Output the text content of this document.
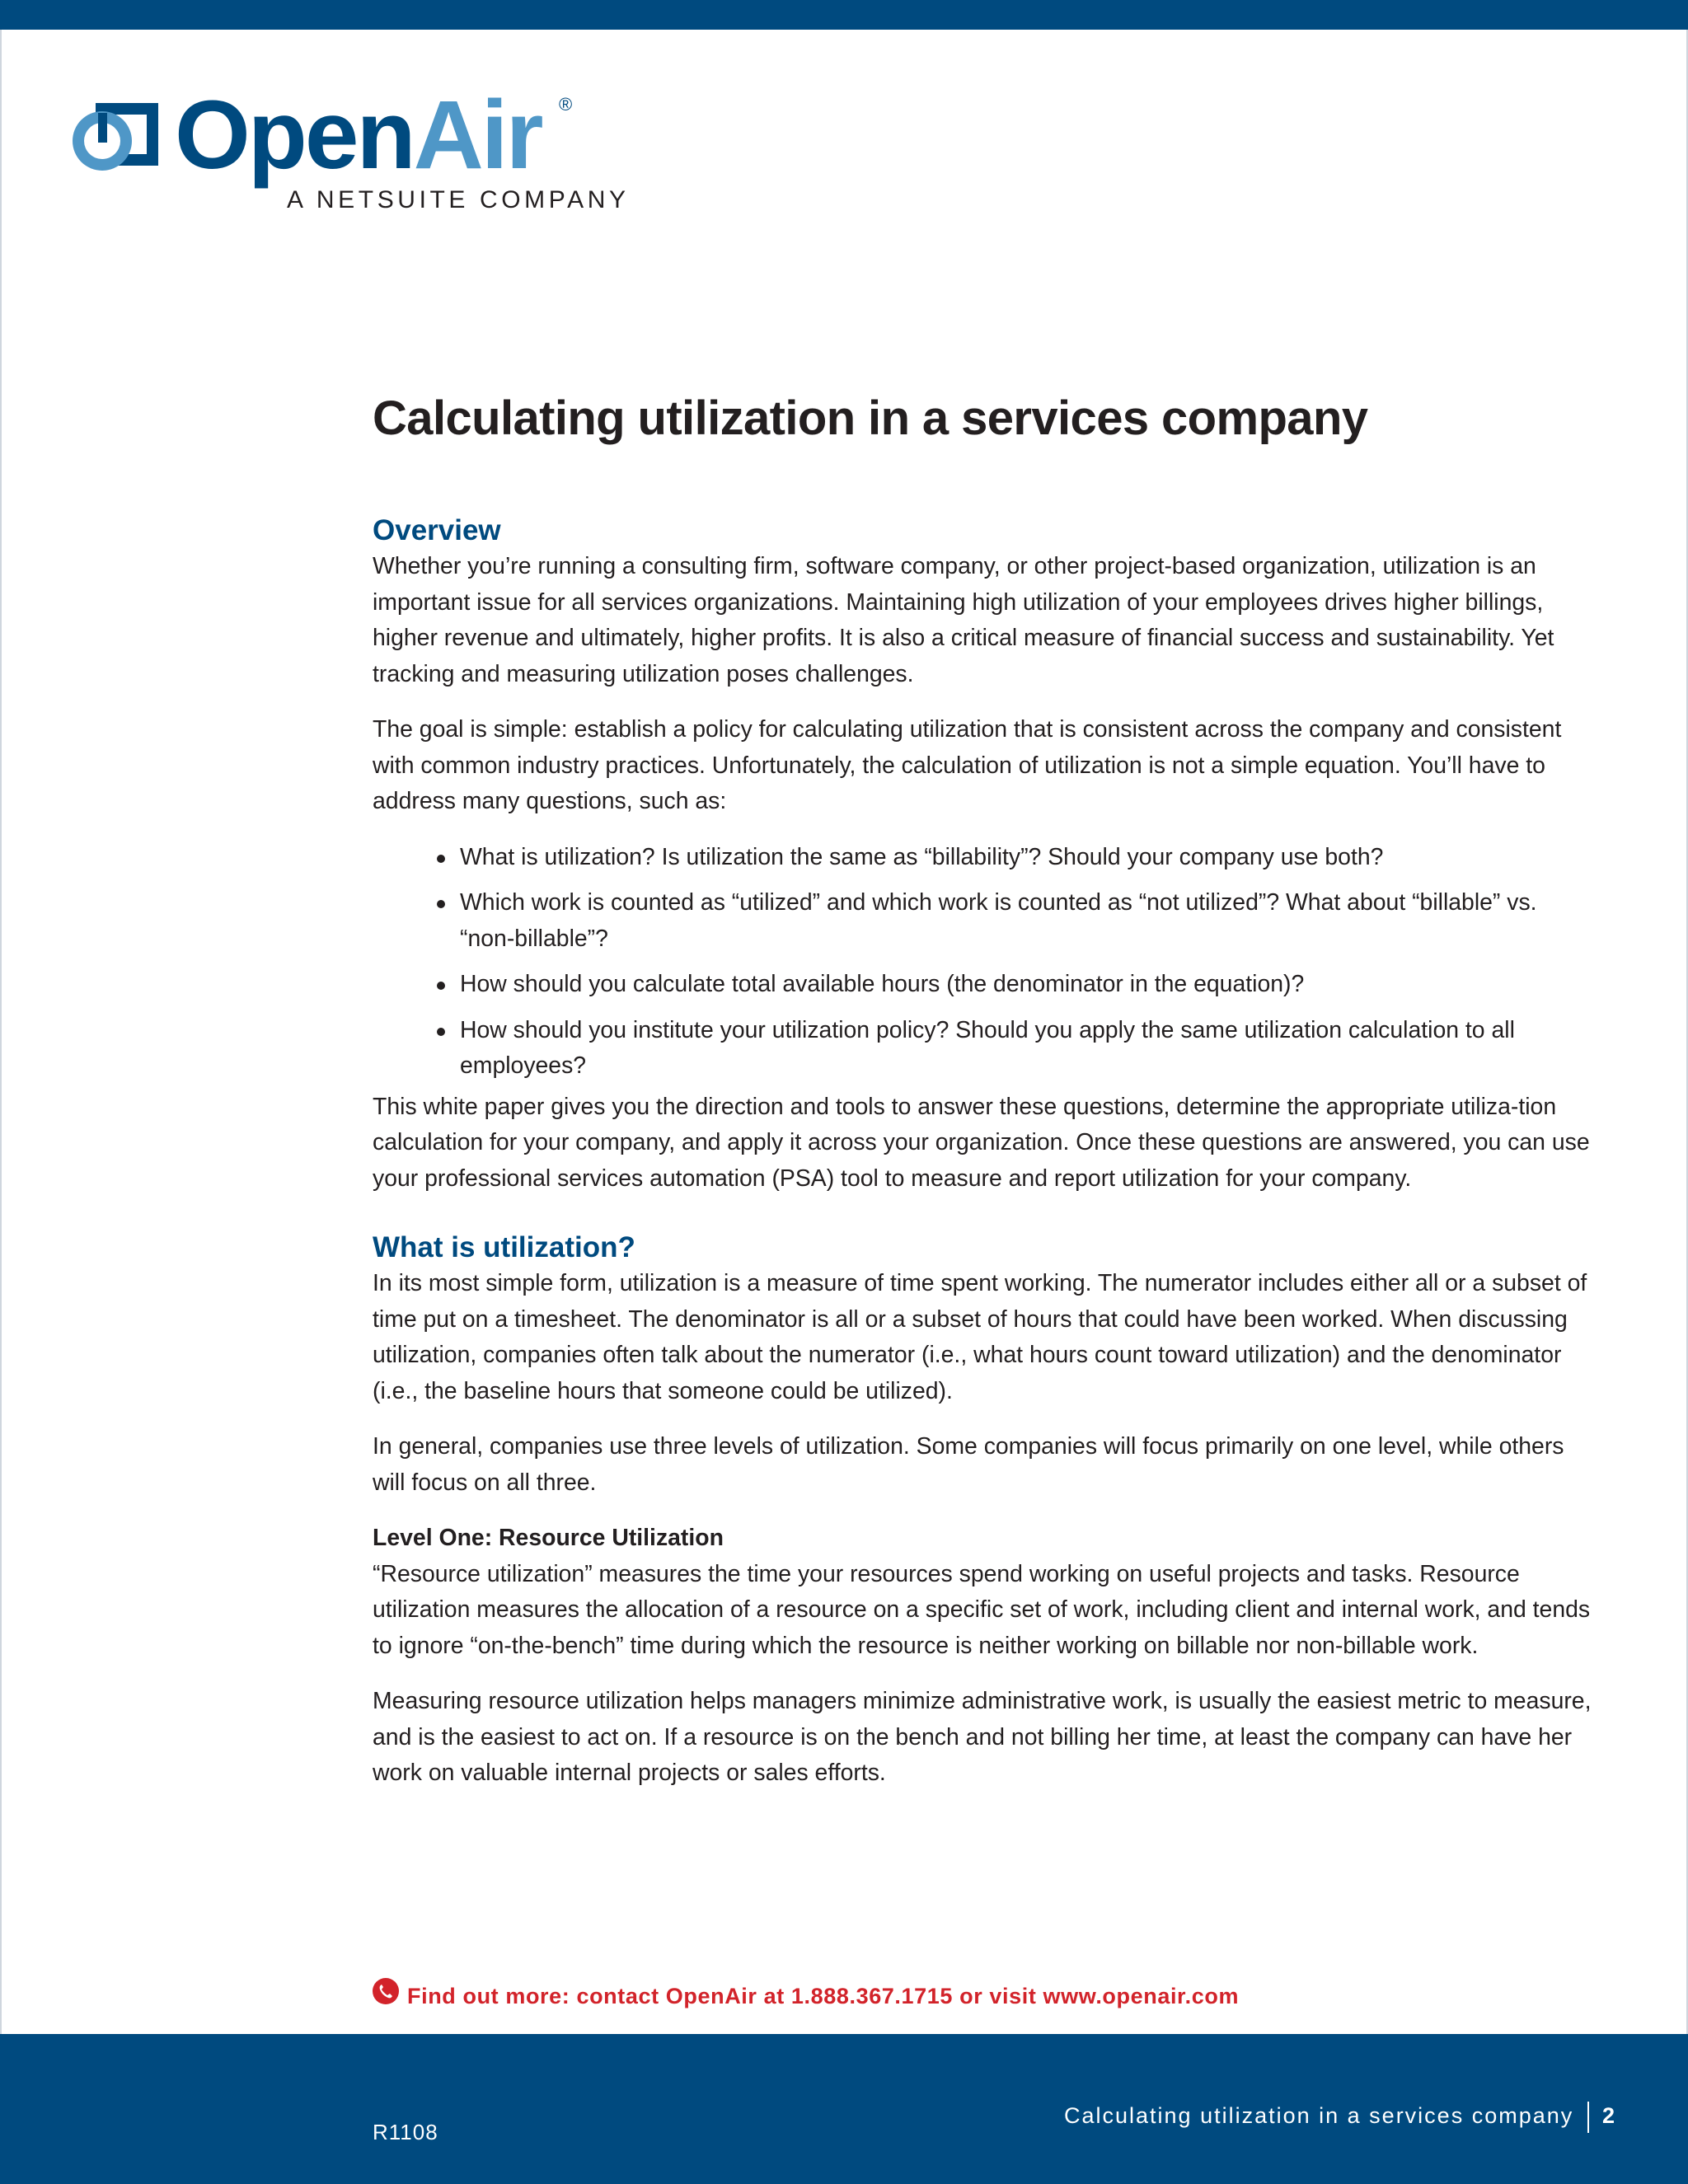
OpenAir ®
A NETSUITE COMPANY
Calculating utilization in a services company
Overview

Whether you’re running a consulting firm, software company, or other project-based organization, utilization is an important issue for all services organizations. Maintaining high utilization of your employees drives higher billings, higher revenue and ultimately, higher profits. It is also a critical measure of financial success and sustainability. Yet tracking and measuring utilization poses challenges.

The goal is simple: establish a policy for calculating utilization that is consistent across the company and consistent with common industry practices. Unfortunately, the calculation of utilization is not a simple equation. You’ll have to address many questions, such as:

What is utilization? Is utilization the same as “billability”? Should your company use both?
Which work is counted as “utilized” and which work is counted as “not utilized”? What about “billable” vs. “non-billable”?
How should you calculate total available hours (the denominator in the equation)?
How should you institute your utilization policy? Should you apply the same utilization calculation to all employees?

This white paper gives you the direction and tools to answer these questions, determine the appropriate utiliza-tion calculation for your company, and apply it across your organization. Once these questions are answered, you can use your professional services automation (PSA) tool to measure and report utilization for your company.

What is utilization?

In its most simple form, utilization is a measure of time spent working. The numerator includes either all or a subset of time put on a timesheet. The denominator is all or a subset of hours that could have been worked. When discussing utilization, companies often talk about the numerator (i.e., what hours count toward utilization) and the denominator (i.e., the baseline hours that someone could be utilized).

In general, companies use three levels of utilization. Some companies will focus primarily on one level, while others will focus on all three.

Level One: Resource Utilization

“Resource utilization” measures the time your resources spend working on useful projects and tasks. Resource utilization measures the allocation of a resource on a specific set of work, including client and internal work, and tends to ignore “on-the-bench” time during which the resource is neither working on billable nor non-billable work.

Measuring resource utilization helps managers minimize administrative work, is usually the easiest metric to measure, and is the easiest to act on. If a resource is on the bench and not billing her time, at least the company can have her work on valuable internal projects or sales efforts.

Find out more: contact OpenAir at 1.888.367.1715 or visit www.openair.com
R1108
Calculating utilization in a services company 2
